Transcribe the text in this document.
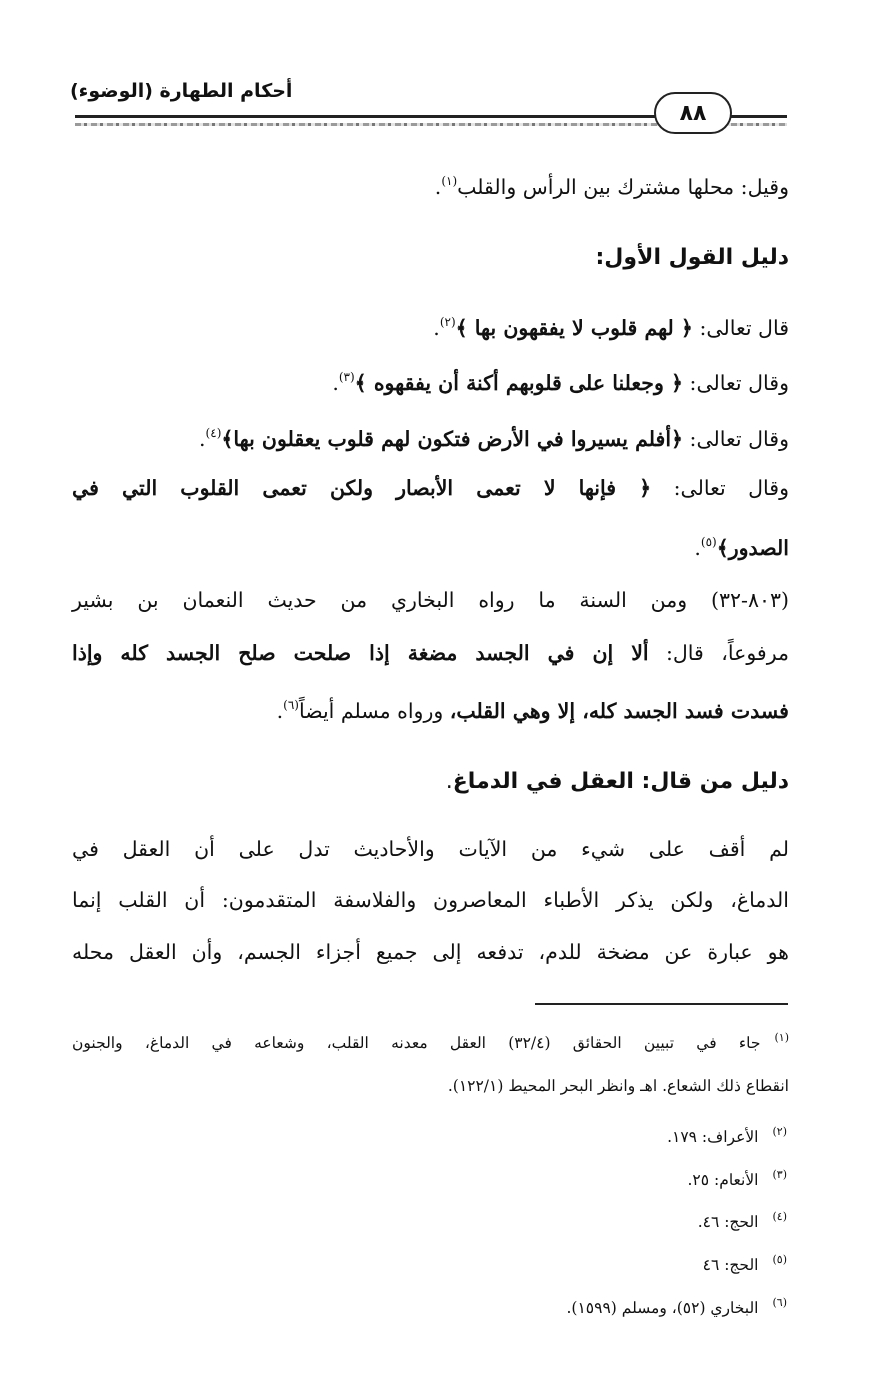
أحكام الطهارة (الوضوء)
٨٨
وقيل: محلها مشترك بين الرأس والقلب$^{(١)}$.
دليل القول الأول:
قال تعالى: ﴿ لهم قلوب لا يفقهون بها ﴾$^{(٢)}$.
وقال تعالى: ﴿ وجعلنا على قلوبهم أكنة أن يفقهوه ﴾$^{(٣)}$.
وقال تعالى: ﴿أفلم يسيروا في الأرض فتكون لهم قلوب يعقلون بها﴾$^{(٤)}$.
وقال تعالى: ﴿ فإنها لا تعمى الأبصار ولكن تعمى القلوب التي في
الصدور﴾$^{(٥)}$.
(٨٠٣-٣٢) ومن السنة ما رواه البخاري من حديث النعمان بن بشير
مرفوعاً، قال: ألا إن في الجسد مضغة إذا صلحت صلح الجسد كله وإذا
فسدت فسد الجسد كله، إلا وهي القلب، ورواه مسلم أيضاً$^{(٦)}$.
دليل من قال: العقل في الدماغ.
لم أقف على شيء من الآيات والأحاديث تدل على أن العقل في
الدماغ، ولكن يذكر الأطباء المعاصرون والفلاسفة المتقدمون: أن القلب إنما
هو عبارة عن مضخة للدم، تدفعه إلى جميع أجزاء الجسم، وأن العقل محله
$^{(١)}$جاء في تبيين الحقائق (٣٢/٤) العقل معدنه القلب، وشعاعه في الدماغ، والجنون
انقطاع ذلك الشعاع. اهـ وانظر البحر المحيط (١٢٢/١).
$^{(٢)}$الأعراف: ١٧٩.
$^{(٣)}$الأنعام: ٢٥.
$^{(٤)}$الحج: ٤٦.
$^{(٥)}$الحج: ٤٦
$^{(٦)}$البخاري (٥٢)، ومسلم (١٥٩٩).
